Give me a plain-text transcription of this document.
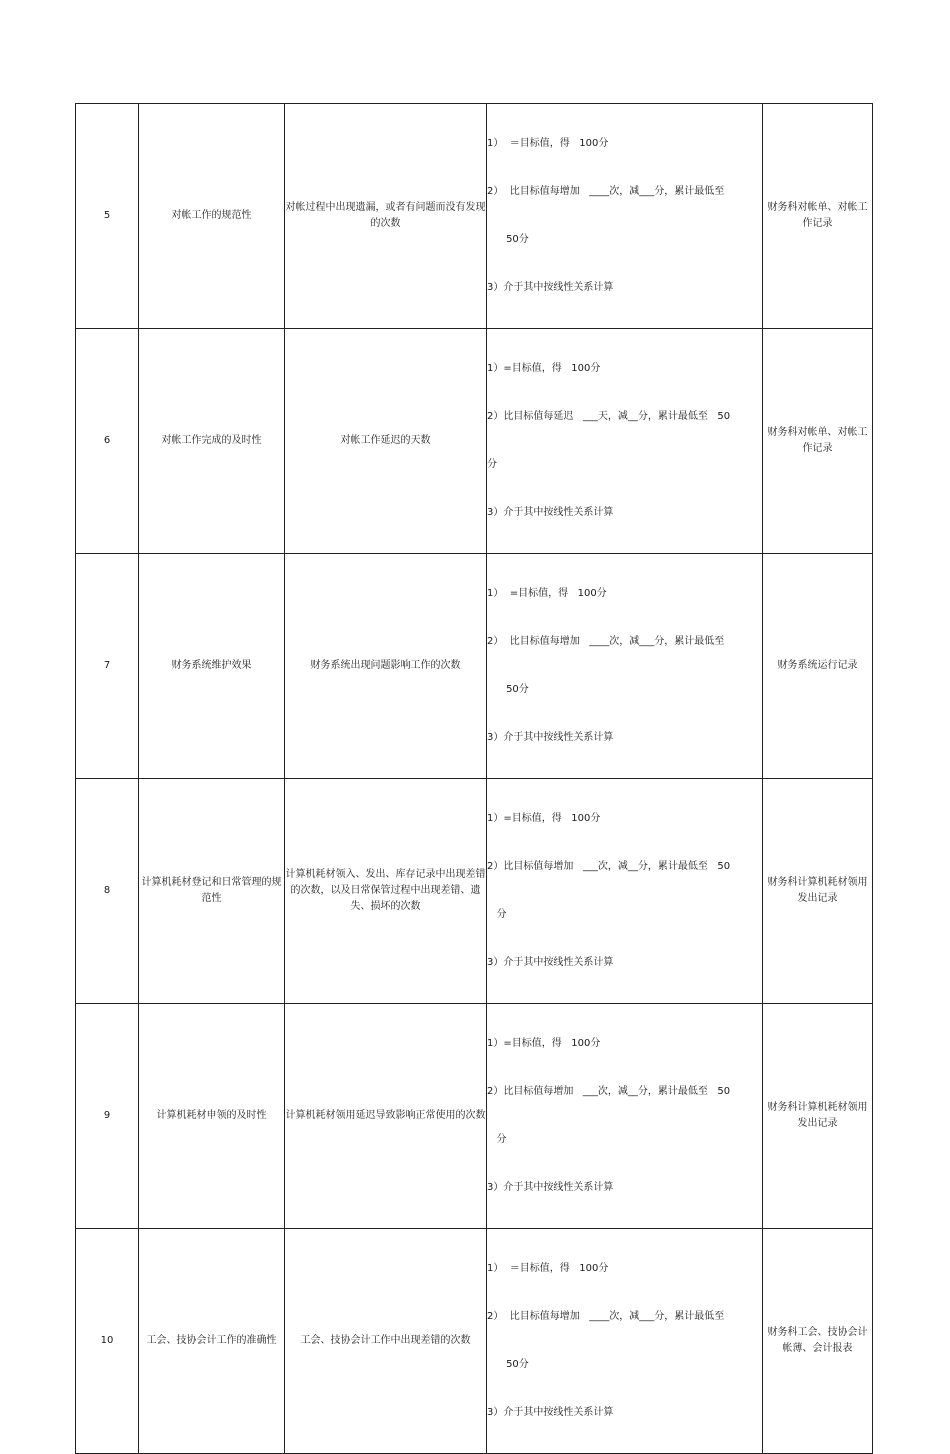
5	对帐工作的规范性	对帐过程中出现遗漏，或者有问题而没有发现的次数	1）  ＝目标值，得   100分

2）  比目标值每增加   ____次，减___分，累计最低至

50分

3）介于其中按线性关系计算	财务科对帐单、对帐工作记录
6	对帐工作完成的及时性	对帐工作延迟的天数	1）=目标值，得   100分

2）比目标值每延迟   ___天，减__分，累计最低至   50

分

3）介于其中按线性关系计算	财务科对帐单、对帐工作记录
7	财务系统维护效果	财务系统出现问题影响工作的次数	1）  =目标值，得   100分

2）  比目标值每增加   ____次，减___分，累计最低至

50分

3）介于其中按线性关系计算	财务系统运行记录
8	计算机耗材登记和日常管理的规范性	计算机耗材领入、发出、库存记录中出现差错的次数，以及日常保管过程中出现差错、遗失、损坏的次数	1）=目标值，得   100分

2）比目标值每增加   ___次，减__分，累计最低至   50

分

3）介于其中按线性关系计算	财务科计算机耗材领用发出记录
9	计算机耗材申领的及时性	计算机耗材领用延迟导致影响正常使用的次数	1）=目标值，得   100分

2）比目标值每增加   ___次，减__分，累计最低至   50

分

3）介于其中按线性关系计算	财务科计算机耗材领用发出记录
10	工会、技协会计工作的准确性	工会、技协会计工作中出现差错的次数	1）  ＝目标值，得   100分

2）  比目标值每增加   ____次，减___分，累计最低至

50分

3）介于其中按线性关系计算	财务科工会、技协会计帐薄、会计报表
